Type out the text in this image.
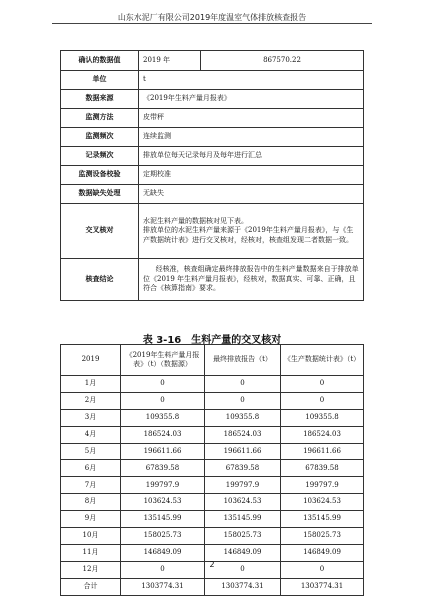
山东水泥厂有限公司2019年度温室气体排放核查报告
确认的数据值	2019 年	867570.22
单位	t	
数据来源	《2019年生料产量月报表》	
监测方法	皮带秤	
监测频次	连续监测	
记录频次	排放单位每天记录每月及每年进行汇总	
监测设备校验	定期校准	
数据缺失处理	无缺失	
交叉核对	水泥生料产量的数据核对见下表。
排放单位的水泥生料产量来源于《2019年生料产量月报表》，与《生产数据统计表》进行交叉核对，经核对，核查组发现二者数据一致。	
核查结论	经核准，核查组确定最终排放报告中的生料产量数据来自于排放单位《2019 年生料产量月报表》，经核对，数据真实、可靠、正确，且符合《核算指南》要求。	
表 3-16　生料产量的交叉核对
2019	《2019年生料产量月报表》（t）（数据源）	最终排放报告（t）	《生产数据统计表》（t）
1月	0	0	0
2月	0	0	0
3月	109355.8	109355.8	109355.8
4月	186524.03	186524.03	186524.03
5月	196611.66	196611.66	196611.66
6月	67839.58	67839.58	67839.58
7月	199797.9	199797.9	199797.9
8月	103624.53	103624.53	103624.53
9月	135145.99	135145.99	135145.99
10月	158025.73	158025.73	158025.73
11月	146849.09	146849.09	146849.09
12月	0	0	0
合计	1303774.31	1303774.31	1303774.31
2
